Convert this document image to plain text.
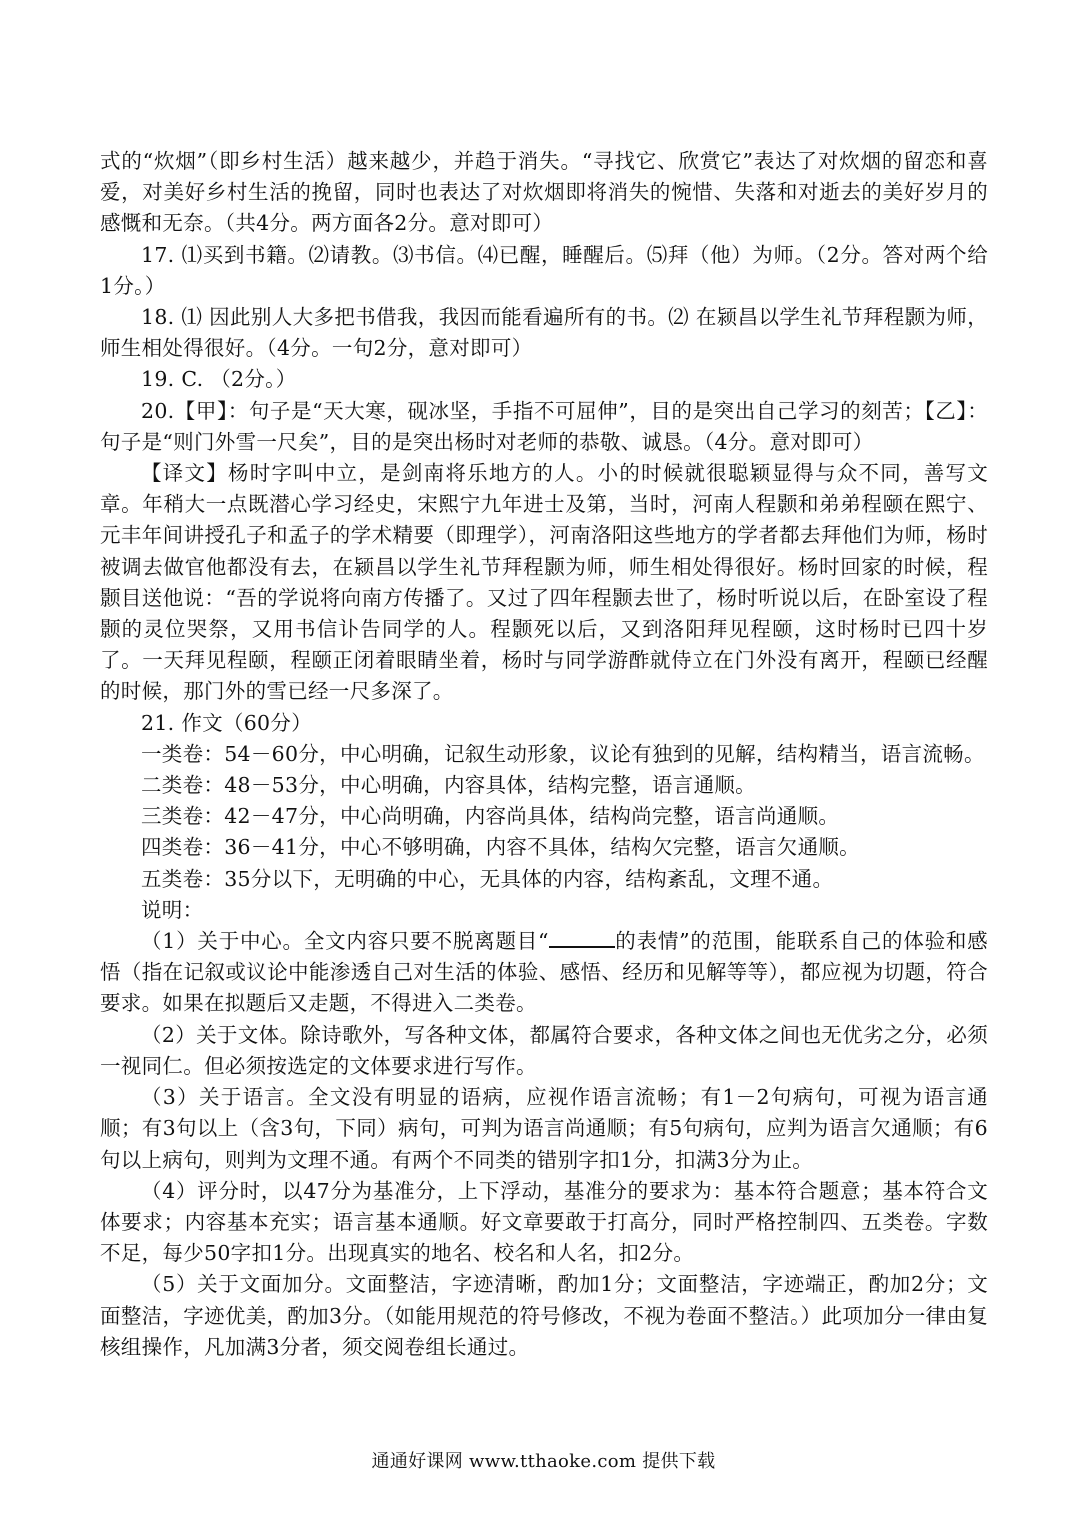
式的“炊烟”（即乡村生活）越来越少，并趋于消失。“寻找它、欣赏它”表达了对炊烟的留恋和喜爱，对美好乡村生活的挽留，同时也表达了对炊烟即将消失的惋惜、失落和对逝去的美好岁月的感慨和无奈。（共4分。两方面各2分。意对即可）

17. ⑴买到书籍。⑵请教。⑶书信。⑷已醒，睡醒后。⑸拜（他）为师。（2分。答对两个给1分。）

18. ⑴ 因此别人大多把书借我，我因而能看遍所有的书。⑵ 在颍昌以学生礼节拜程颢为师，师生相处得很好。（4分。一句2分，意对即可）

19. C. （2分。）

20.【甲】：句子是“天大寒，砚冰坚，手指不可屈伸”，目的是突出自己学习的刻苦；【乙】：句子是“则门外雪一尺矣”，目的是突出杨时对老师的恭敬、诚恳。（4分。意对即可）

【译文】杨时字叫中立，是剑南将乐地方的人。小的时候就很聪颖显得与众不同，善写文章。年稍大一点既潜心学习经史，宋熙宁九年进士及第，当时，河南人程颢和弟弟程颐在熙宁、元丰年间讲授孔子和孟子的学术精要（即理学），河南洛阳这些地方的学者都去拜他们为师，杨时被调去做官他都没有去，在颍昌以学生礼节拜程颢为师，师生相处得很好。杨时回家的时候，程颢目送他说：“吾的学说将向南方传播了。又过了四年程颢去世了，杨时听说以后，在卧室设了程颢的灵位哭祭，又用书信讣告同学的人。程颢死以后，又到洛阳拜见程颐，这时杨时已四十岁了。一天拜见程颐，程颐正闭着眼睛坐着，杨时与同学游酢就侍立在门外没有离开，程颐已经醒的时候，那门外的雪已经一尺多深了。

21. 作文（60分）

一类卷：54－60分，中心明确，记叙生动形象，议论有独到的见解，结构精当，语言流畅。

二类卷：48－53分，中心明确，内容具体，结构完整，语言通顺。

三类卷：42－47分，中心尚明确，内容尚具体，结构尚完整，语言尚通顺。

四类卷：36－41分，中心不够明确，内容不具体，结构欠完整，语言欠通顺。

五类卷：35分以下，无明确的中心，无具体的内容，结构紊乱，文理不通。

说明：

（1）关于中心。全文内容只要不脱离题目“	的表情”的范围，能联系自己的体验和感悟（指在记叙或议论中能渗透自己对生活的体验、感悟、经历和见解等等），都应视为切题，符合要求。如果在拟题后又走题，不得进入二类卷。

（2）关于文体。除诗歌外，写各种文体，都属符合要求，各种文体之间也无优劣之分，必须一视同仁。但必须按选定的文体要求进行写作。

（3）关于语言。全文没有明显的语病，应视作语言流畅；有1－2句病句，可视为语言通顺；有3句以上（含3句，下同）病句，可判为语言尚通顺；有5句病句，应判为语言欠通顺；有6句以上病句，则判为文理不通。有两个不同类的错别字扣1分，扣满3分为止。

（4）评分时，以47分为基准分，上下浮动，基准分的要求为：基本符合题意；基本符合文体要求；内容基本充实；语言基本通顺。好文章要敢于打高分，同时严格控制四、五类卷。字数不足，每少50字扣1分。出现真实的地名、校名和人名，扣2分。

（5）关于文面加分。文面整洁，字迹清晰，酌加1分；文面整洁，字迹端正，酌加2分；文面整洁，字迹优美，酌加3分。（如能用规范的符号修改，不视为卷面不整洁。）此项加分一律由复核组操作，凡加满3分者，须交阅卷组长通过。

通通好课网 www.tthaoke.com 提供下载
